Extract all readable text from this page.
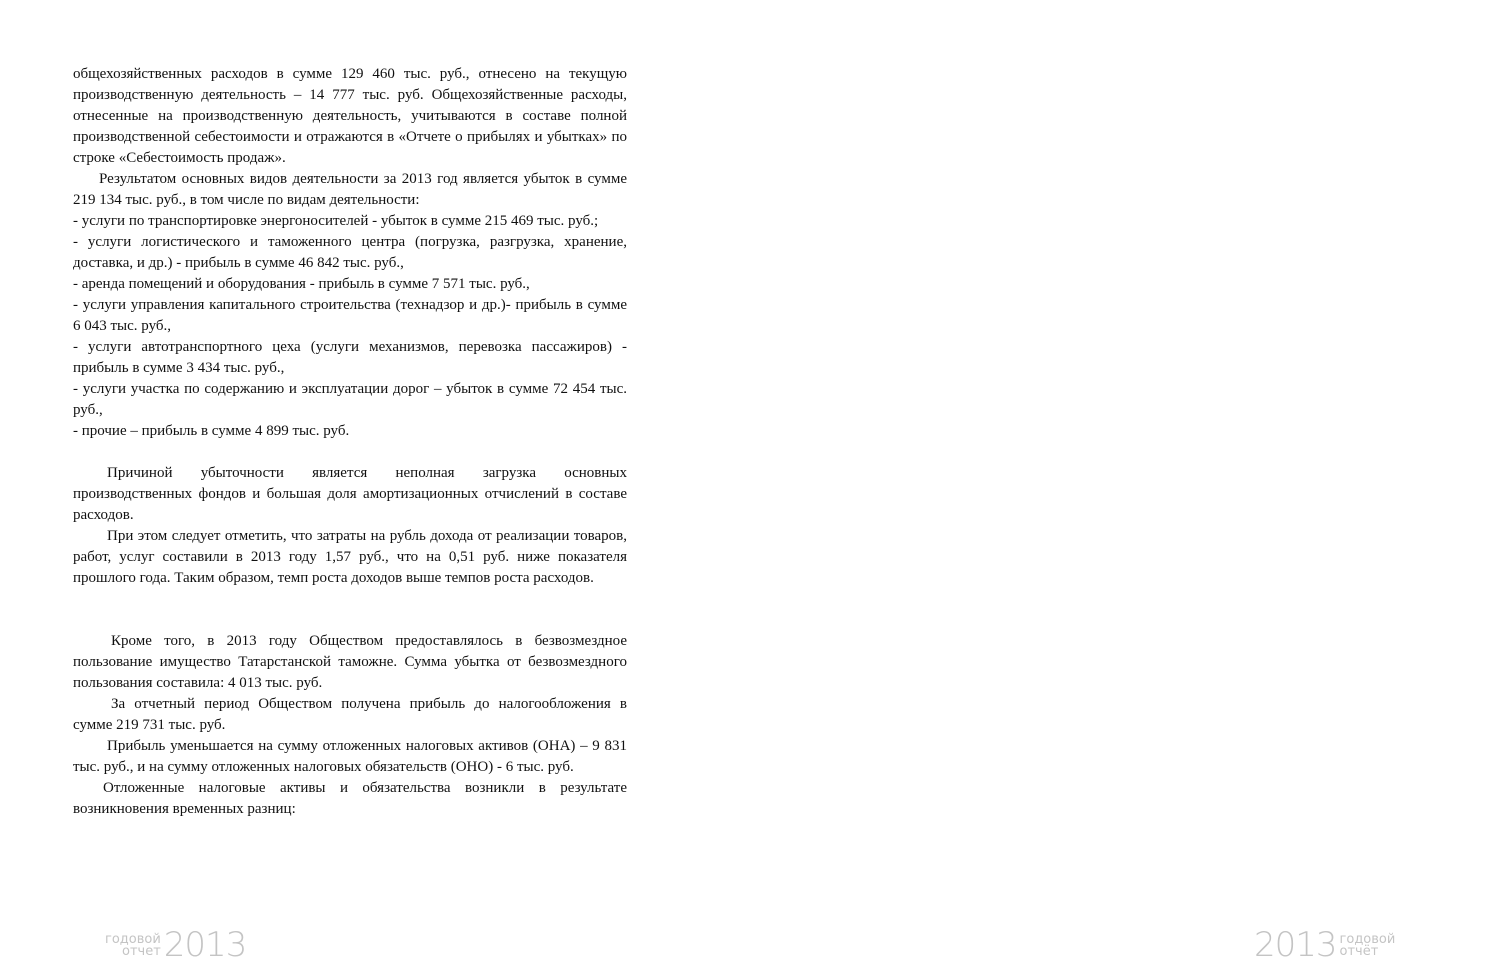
общехозяйственных расходов в сумме 129 460 тыс. руб., отнесено на текущую производственную деятельность – 14 777 тыс. руб. Общехозяйственные расходы, отнесенные на производственную деятельность, учитываются в составе полной производственной себестоимости и отражаются в «Отчете о прибылях и убытках» по строке «Себестоимость продаж».

Результатом основных видов деятельности за 2013 год является убыток в сумме 219 134 тыс. руб., в том числе по видам деятельности:

- услуги по транспортировке энергоносителей - убыток в сумме 215 469 тыс. руб.;

- услуги логистического и таможенного центра (погрузка, разгрузка, хранение, доставка, и др.) - прибыль в сумме 46 842 тыс. руб.,

- аренда помещений и оборудования - прибыль в сумме 7 571 тыс. руб.,

- услуги управления капитального строительства (технадзор и др.)- прибыль в сумме 6 043 тыс. руб.,

- услуги автотранспортного цеха (услуги механизмов, перевозка пассажиров) - прибыль в сумме 3 434 тыс. руб.,

- услуги участка по содержанию и эксплуатации дорог – убыток в сумме 72 454 тыс. руб.,

- прочие – прибыль в сумме 4 899 тыс. руб.

Причиной убыточности является неполная загрузка основных производственных фондов и большая доля амортизационных отчислений в составе расходов.

При этом следует отметить, что затраты на рубль дохода от реализации товаров, работ, услуг составили в 2013 году 1,57 руб., что на 0,51 руб. ниже показателя прошлого года. Таким образом, темп роста доходов выше темпов роста расходов.

Кроме того, в 2013 году Обществом предоставлялось в безвозмездное пользование имущество Татарстанской таможне. Сумма убытка от безвозмездного пользования составила: 4 013 тыс. руб.

За отчетный период Обществом получена прибыль до налогообложения в сумме 219 731 тыс. руб.

Прибыль уменьшается на сумму отложенных налоговых активов (ОНА) – 9 831 тыс. руб., и на сумму отложенных налоговых обязательств (ОНО) - 6 тыс. руб.

Отложенные налоговые активы и обязательства возникли в результате возникновения временных разниц:

годовой
отчет 2013	2013 годовой
отчёт
